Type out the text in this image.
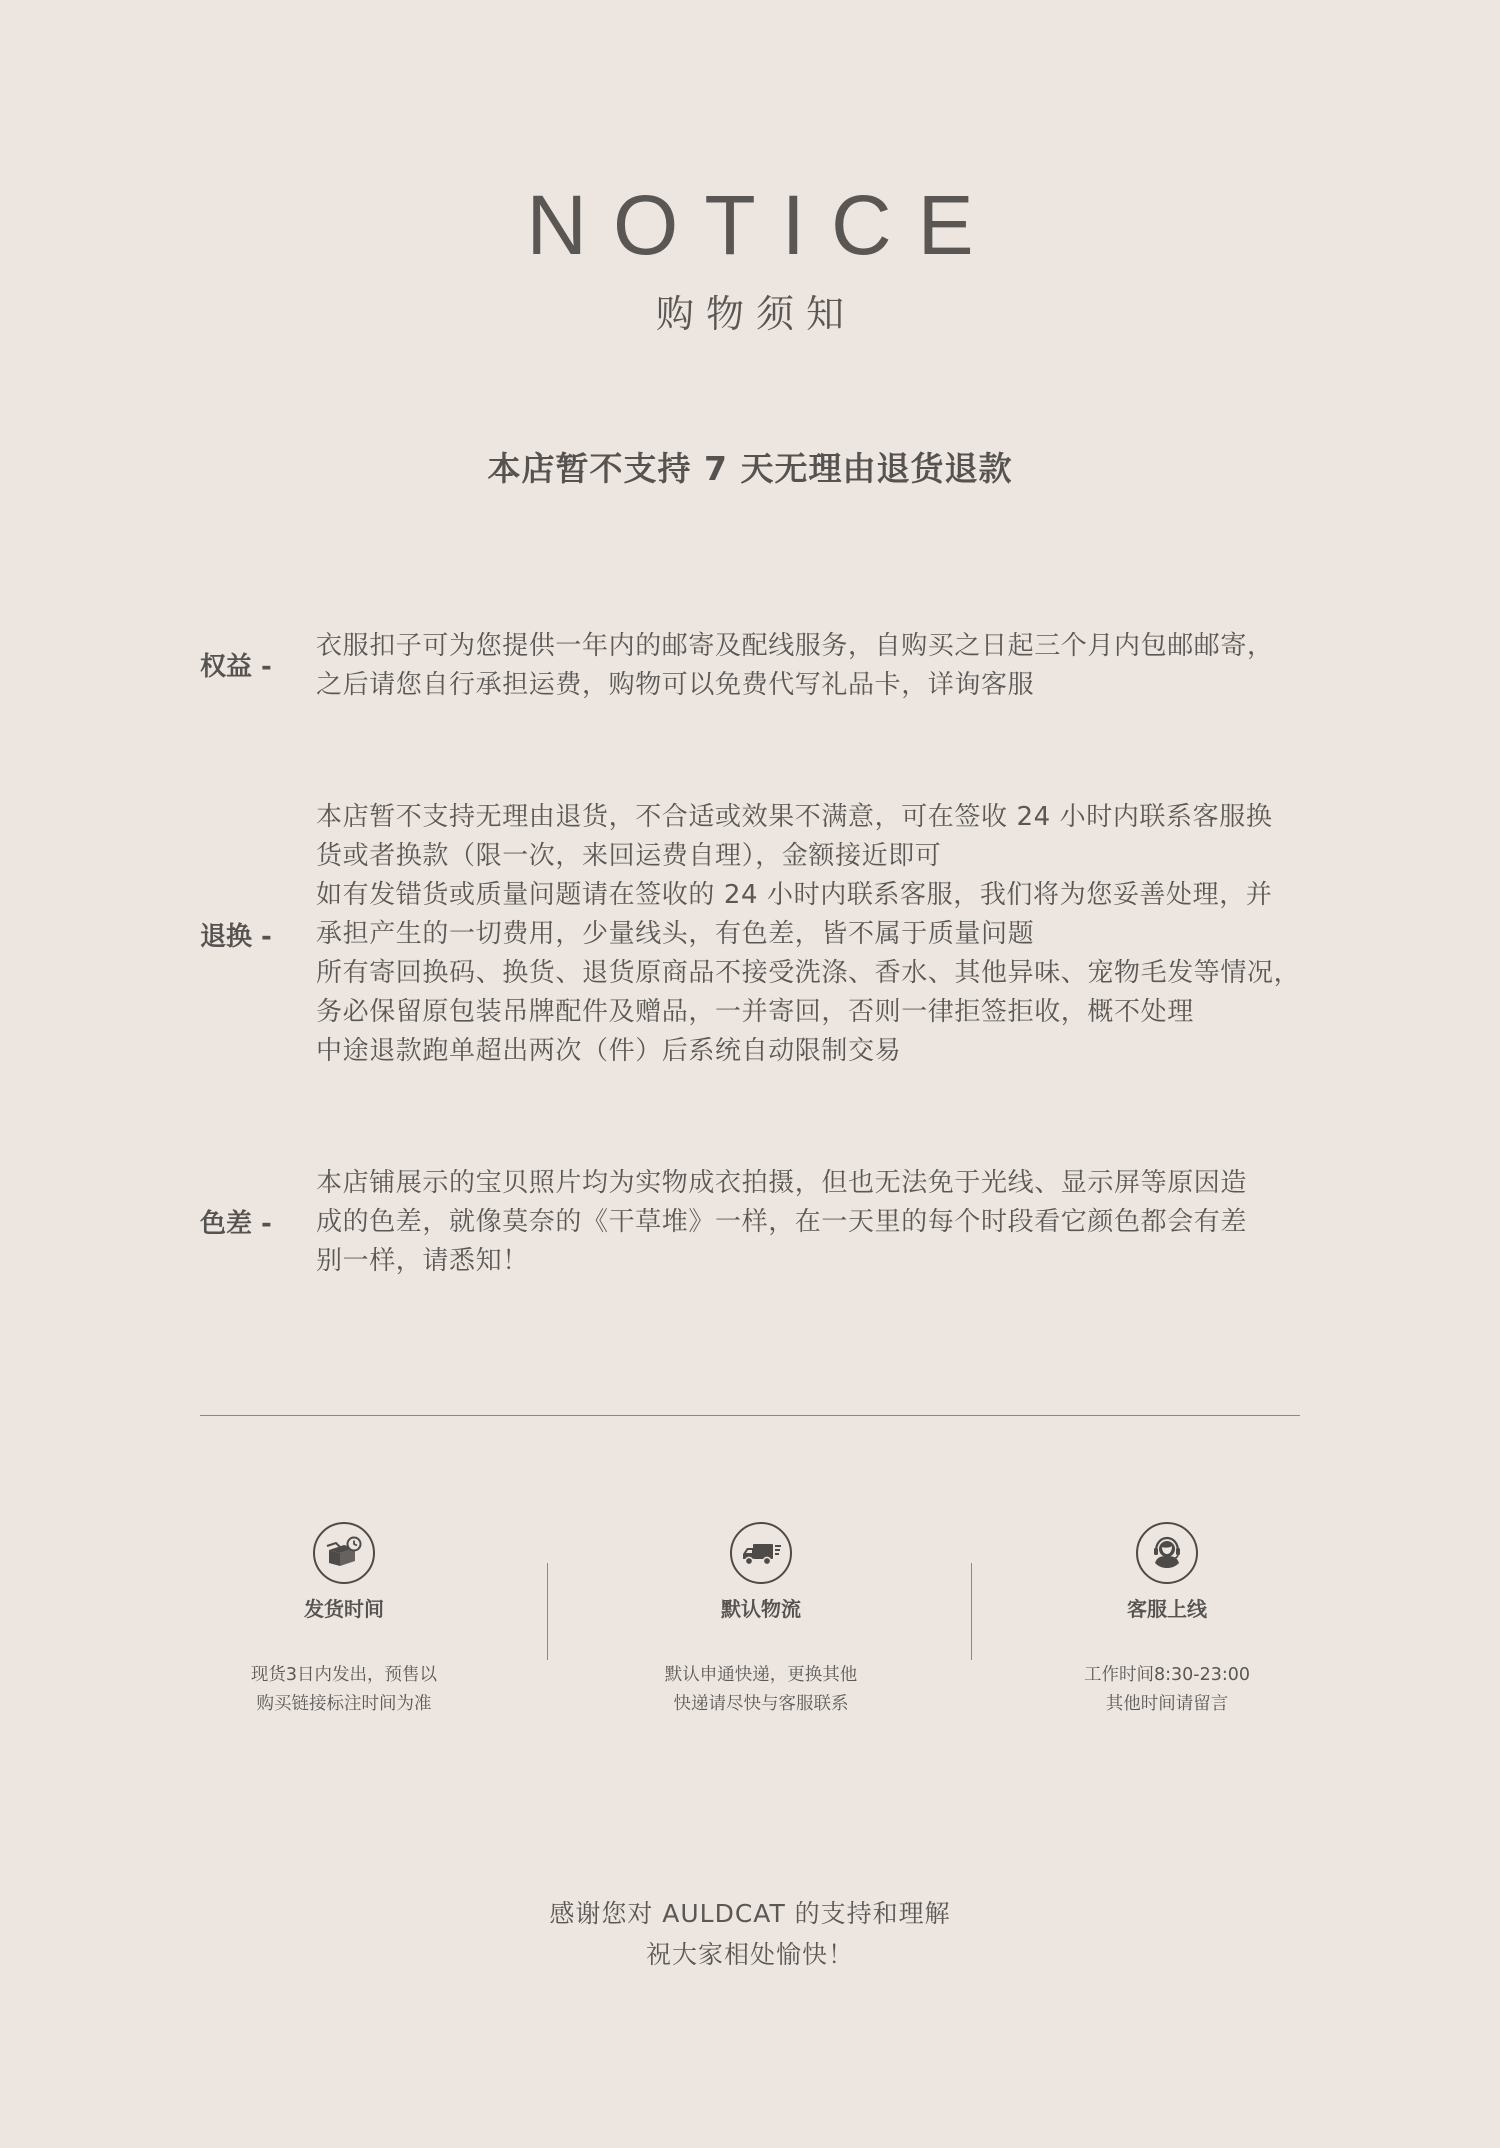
NOTICE
购物须知
本店暂不支持 7 天无理由退货退款
权益 -
衣服扣子可为您提供一年内的邮寄及配线服务，自购买之日起三个月内包邮邮寄，
之后请您自行承担运费，购物可以免费代写礼品卡，详询客服
退换 -
本店暂不支持无理由退货，不合适或效果不满意，可在签收 24 小时内联系客服换
货或者换款（限一次，来回运费自理），金额接近即可
如有发错货或质量问题请在签收的 24 小时内联系客服，我们将为您妥善处理，并
承担产生的一切费用，少量线头，有色差，皆不属于质量问题
所有寄回换码、换货、退货原商品不接受洗涤、香水、其他异味、宠物毛发等情况，
务必保留原包装吊牌配件及赠品，一并寄回，否则一律拒签拒收，概不处理
中途退款跑单超出两次（件）后系统自动限制交易
色差 -
本店铺展示的宝贝照片均为实物成衣拍摄，但也无法免于光线、显示屏等原因造
成的色差，就像莫奈的《干草堆》一样，在一天里的每个时段看它颜色都会有差
别一样，请悉知！
发货时间
现货3日内发出，预售以
购买链接标注时间为准
默认物流
默认申通快递，更换其他
快递请尽快与客服联系
客服上线
工作时间8:30-23:00
其他时间请留言
感谢您对 AULDCAT 的支持和理解
祝大家相处愉快！
